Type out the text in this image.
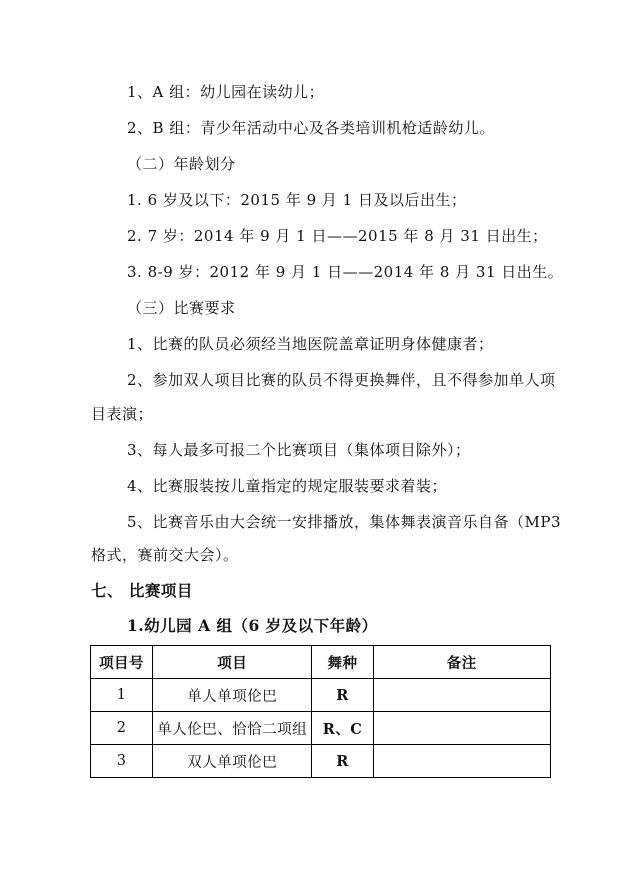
1、A 组：幼儿园在读幼儿；
2、B 组：青少年活动中心及各类培训机枪适龄幼儿。
（二）年龄划分
1. 6 岁及以下：2015 年 9 月 1 日及以后出生；
2. 7 岁：2014 年 9 月 1 日——2015 年 8 月 31 日出生；
3. 8-9 岁：2012 年 9 月 1 日——2014 年 8 月 31 日出生。
（三）比赛要求
1、比赛的队员必须经当地医院盖章证明身体健康者；
2、参加双人项目比赛的队员不得更换舞伴，且不得参加单人项
目表演；
3、每人最多可报二个比赛项目（集体项目除外）；
4、比赛服装按儿童指定的规定服装要求着装；
5、比赛音乐由大会统一安排播放，集体舞表演音乐自备（MP3
格式，赛前交大会）。
七、 比赛项目
1.幼儿园 A 组（6 岁及以下年龄）
项目号	项目	舞种	备注
1	单人单项伦巴	R	
2	单人伦巴、恰恰二项组	R、C	
3	双人单项伦巴	R	
